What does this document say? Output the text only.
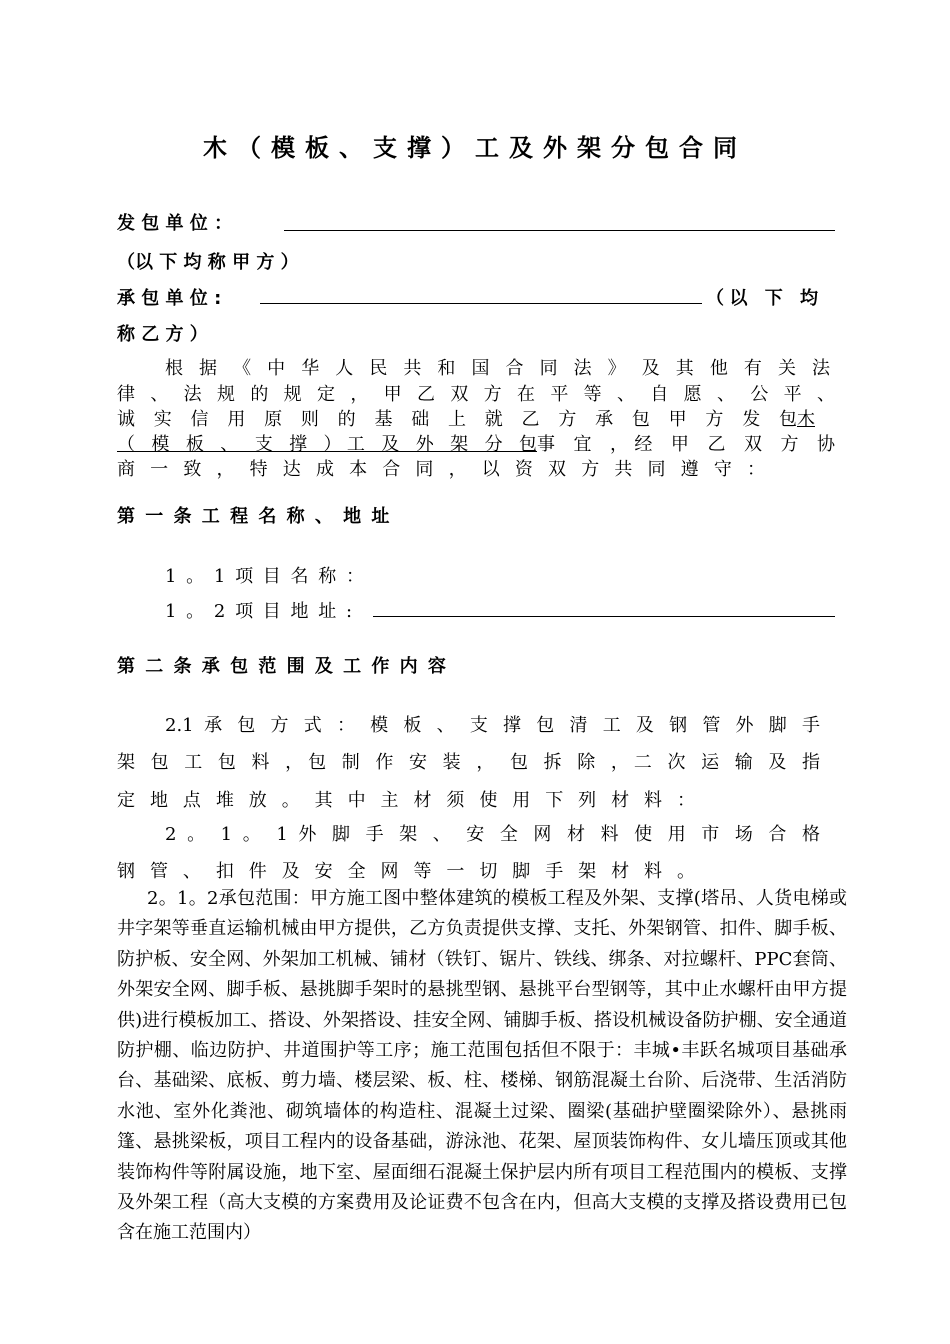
木（模板、支撑）工及外架分包合同
发 包 单 位 ：
（以 下 均 称 甲 方 ）
承 包 单 位 :	（以 下 均
称 乙 方 ）
根 据 《 中 华 人 民 共 和 国 合 同 法 》 及 其 他 有 关 法
律 、 法 规 的 规 定 ， 甲 乙 双 方 在 平 等 、 自 愿 、 公 平 、
诚 实 信 用 原 则 的 基 础 上 就 乙 方 承 包 甲 方 发 包木
（ 模 板 、 支 撑 ）工 及 外 架 分 包事 宜 ，经 甲 乙 双 方 协
商 一 致 ， 特 达 成 本 合 同 ， 以 资 双 方 共 同 遵 守 ：
第 一 条 工 程 名 称 、 地 址
1 。 1 项 目 名 称 ：
1 。 2 项 目 地 址 :
第 二 条 承 包 范 围 及 工 作 内 容
2.1 承 包 方 式 ： 模 板 、 支 撑 包 清 工 及 钢 管 外 脚 手
架 包 工 包 料 ，包 制 作 安 装 ， 包 拆 除 ，二 次 运 输 及 指
定 地 点 堆 放 。 其 中 主 材 须 使 用 下 列 材 料 ：
2 。 1 。 1 外 脚 手 架 、 安 全 网 材 料 使 用 市 场 合 格
钢 管 、 扣 件 及 安 全 网 等 一 切 脚 手 架 材 料 。
2。1。2承包范围：甲方施工图中整体建筑的模板工程及外架、支撑(塔吊、人货电梯或井字架等垂直运输机械由甲方提供，乙方负责提供支撑、支托、外架钢管、扣件、脚手板、防护板、安全网、外架加工机械、铺材（铁钉、锯片、铁线、绑条、对拉螺杆、PPC套筒、外架安全网、脚手板、悬挑脚手架时的悬挑型钢、悬挑平台型钢等，其中止水螺杆由甲方提供)进行模板加工、搭设、外架搭设、挂安全网、铺脚手板、搭设机械设备防护棚、安全通道防护棚、临边防护、井道围护等工序；施工范围包括但不限于：丰城•丰跃名城项目基础承台、基础梁、底板、剪力墙、楼层梁、板、柱、楼梯、钢筋混凝土台阶、后浇带、生活消防水池、室外化粪池、砌筑墙体的构造柱、混凝土过梁、圈梁(基础护壁圈梁除外）、悬挑雨篷、悬挑梁板，项目工程内的设备基础，游泳池、花架、屋顶装饰构件、女儿墙压顶或其他装饰构件等附属设施，地下室、屋面细石混凝土保护层内所有项目工程范围内的模板、支撑及外架工程（高大支模的方案费用及论证费不包含在内，但高大支模的支撑及搭设费用已包含在施工范围内）
